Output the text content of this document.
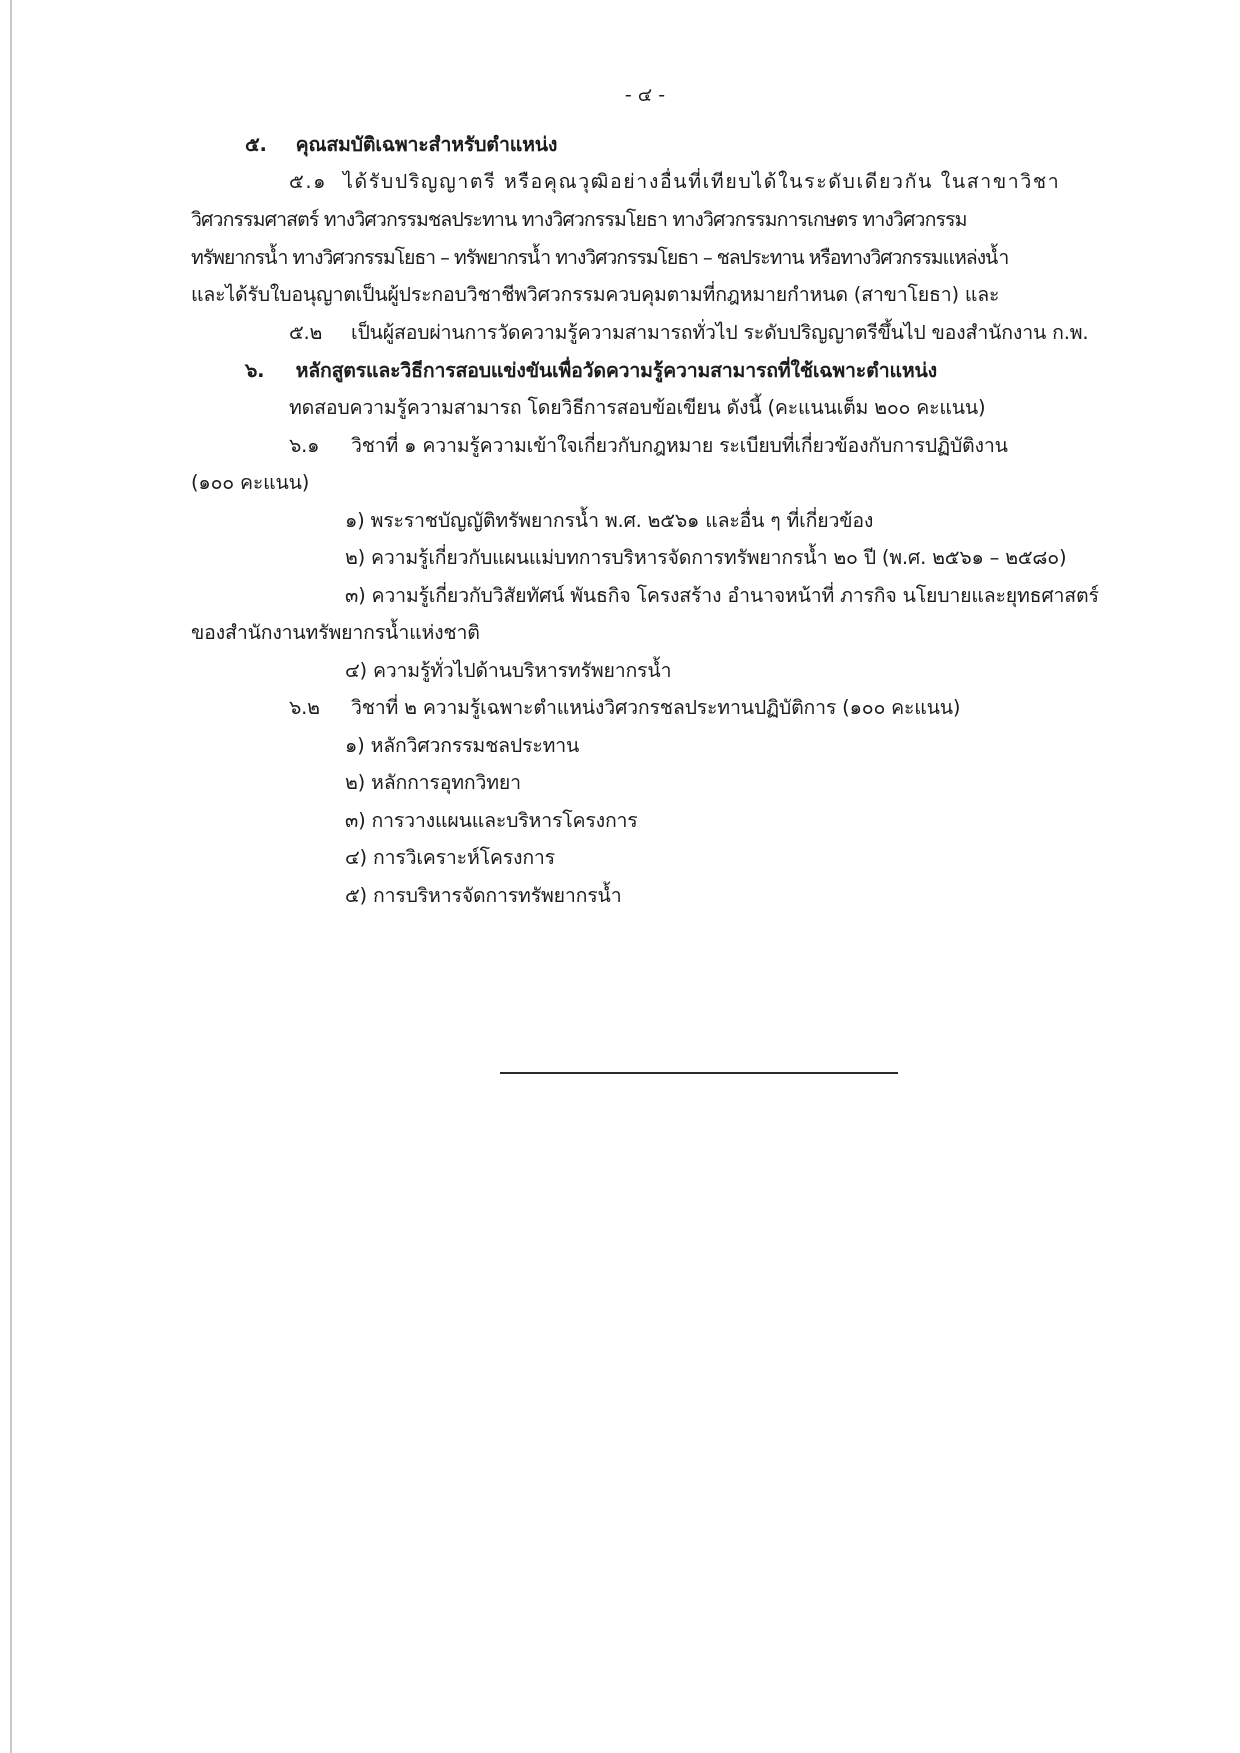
- ๔ -
๕. คุณสมบัติเฉพาะสำหรับตำแหน่ง
๕.๑ ได้รับปริญญาตรี หรือคุณวุฒิอย่างอื่นที่เทียบได้ในระดับเดียวกัน ในสาขาวิชา
วิศวกรรมศาสตร์ ทางวิศวกรรมชลประทาน ทางวิศวกรรมโยธา ทางวิศวกรรมการเกษตร ทางวิศวกรรม
ทรัพยากรน้ำ ทางวิศวกรรมโยธา – ทรัพยากรน้ำ ทางวิศวกรรมโยธา – ชลประทาน หรือทางวิศวกรรมแหล่งน้ำ
และได้รับใบอนุญาตเป็นผู้ประกอบวิชาชีพวิศวกรรมควบคุมตามที่กฎหมายกำหนด (สาขาโยธา) และ
๕.๒ เป็นผู้สอบผ่านการวัดความรู้ความสามารถทั่วไป ระดับปริญญาตรีขึ้นไป ของสำนักงาน ก.พ.
๖. หลักสูตรและวิธีการสอบแข่งขันเพื่อวัดความรู้ความสามารถที่ใช้เฉพาะตำแหน่ง
ทดสอบความรู้ความสามารถ โดยวิธีการสอบข้อเขียน ดังนี้ (คะแนนเต็ม ๒๐๐ คะแนน)
๖.๑ วิชาที่ ๑ ความรู้ความเข้าใจเกี่ยวกับกฎหมาย ระเบียบที่เกี่ยวข้องกับการปฏิบัติงาน
(๑๐๐ คะแนน)
๑) พระราชบัญญัติทรัพยากรน้ำ พ.ศ. ๒๕๖๑ และอื่น ๆ ที่เกี่ยวข้อง
๒) ความรู้เกี่ยวกับแผนแม่บทการบริหารจัดการทรัพยากรน้ำ ๒๐ ปี (พ.ศ. ๒๕๖๑ – ๒๕๘๐)
๓) ความรู้เกี่ยวกับวิสัยทัศน์ พันธกิจ โครงสร้าง อำนาจหน้าที่ ภารกิจ นโยบายและยุทธศาสตร์
ของสำนักงานทรัพยากรน้ำแห่งชาติ
๔) ความรู้ทั่วไปด้านบริหารทรัพยากรน้ำ
๖.๒ วิชาที่ ๒ ความรู้เฉพาะตำแหน่งวิศวกรชลประทานปฏิบัติการ (๑๐๐ คะแนน)
๑) หลักวิศวกรรมชลประทาน
๒) หลักการอุทกวิทยา
๓) การวางแผนและบริหารโครงการ
๔) การวิเคราะห์โครงการ
๕) การบริหารจัดการทรัพยากรน้ำ
